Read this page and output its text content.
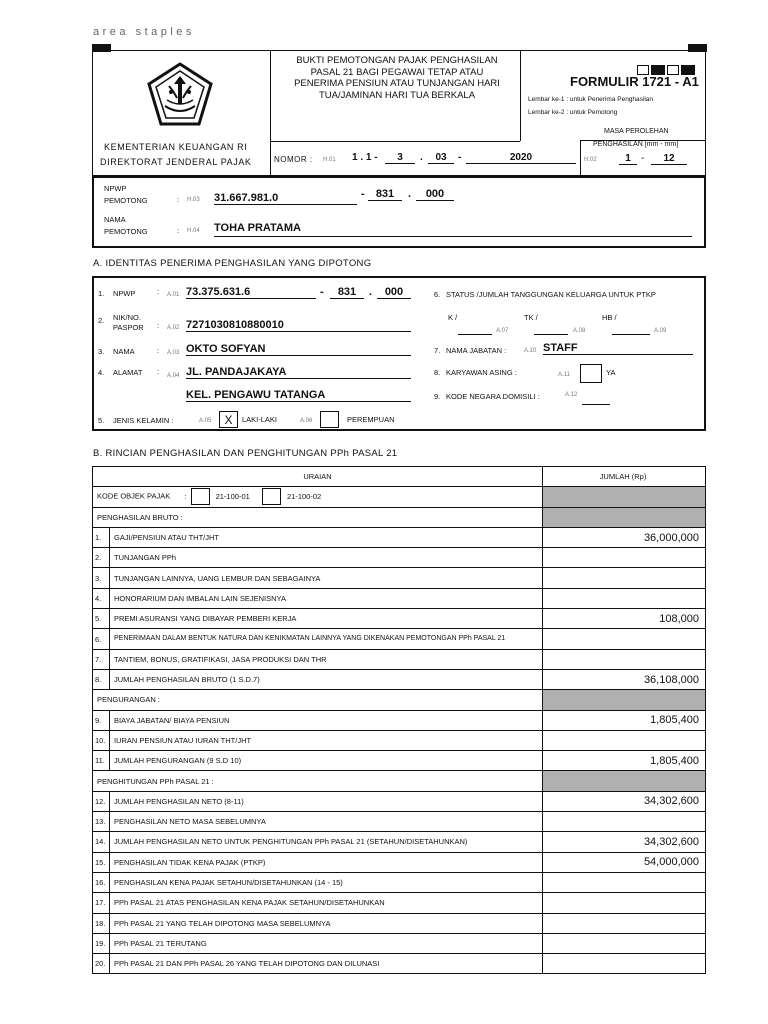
area staples
KEMENTERIAN KEUANGAN RI
DIREKTORAT JENDERAL PAJAK
BUKTI PEMOTONGAN PAJAK PENGHASILAN
PASAL 21 BAGI PEGAWAI TETAP ATAU
PENERIMA PENSIUN ATAU TUNJANGAN HARI
TUA/JAMINAN HARI TUA BERKALA
FORMULIR 1721 - A1
Lembar ke-1 : untuk Penerima Penghasilan
Lembar ke-2 : untuk Pemotong
MASA PEROLEHAN
PENGHASILAN [mm - mm]
H.02	1	-	12
NOMOR : H.01 1 . 1 -	3	.	03	-	2020
NPWP
PEMOTONG	: H.03 31.667.981.0	-	831	.	000
NAMA
PEMOTONG	: H.04 TOHA PRATAMA
A. IDENTITAS PENERIMA PENGHASILAN YANG DIPOTONG
1. NPWP	: A.01 73.375.631.6	-	831	.	000
2. NIK/NO.
PASPOR : A.02 7271030810880010
3. NAMA	: A.03 OKTO SOFYAN
4. ALAMAT : A.04 JL. PANDAJAKAYA
KEL. PENGAWU TATANGA
5. JENIS KELAMIN :	A.05	X	LAKI-LAKI	A.06	PEREMPUAN
6. STATUS /JUMLAH TANGGUNGAN KELUARGA UNTUK PTKP
K /
A.07
TK /
A.08
HB /
A.09
7. NAMA JABATAN :	A.10 STAFF
8. KARYAWAN ASING :	A.11	YA
9. KODE NEGARA DOMISILI :	A.12
B. RINCIAN PENGHASILAN DAN PENGHITUNGAN PPh PASAL 21
URAIAN		JUMLAH (Rp)
KODE OBJEK PAJAK : 21-100-01 21-100-02		
PENGHASILAN BRUTO :		
1.	GAJI/PENSIUN ATAU THT/JHT	36,000,000
2.	TUNJANGAN PPh	
3.	TUNJANGAN LAINNYA, UANG LEMBUR DAN SEBAGAINYA	
4.	HONORARIUM DAN IMBALAN LAIN SEJENISNYA	
5.	PREMI ASURANSI YANG DIBAYAR PEMBERI KERJA	108,000
6.	PENERIMAAN DALAM BENTUK NATURA DAN KENIKMATAN LAINNYA YANG DIKENAKAN PEMOTONGAN PPh PASAL 21	
7.	TANTIEM, BONUS, GRATIFIKASI, JASA PRODUKSI DAN THR	
8.	JUMLAH PENGHASILAN BRUTO (1 S.D.7)	36,108,000
PENGURANGAN :		
9.	BIAYA JABATAN/ BIAYA PENSIUN	1,805,400
10.	IURAN PENSIUN ATAU IURAN THT/JHT	
11.	JUMLAH PENGURANGAN (9 S.D 10)	1,805,400
PENGHITUNGAN PPh PASAL 21 :		
12.	JUMLAH PENGHASILAN NETO (8-11)	34,302,600
13.	PENGHASILAN NETO MASA SEBELUMNYA	
14.	JUMLAH PENGHASILAN NETO UNTUK PENGHITUNGAN PPh PASAL 21 (SETAHUN/DISETAHUNKAN)	34,302,600
15.	PENGHASILAN TIDAK KENA PAJAK (PTKP)	54,000,000
16.	PENGHASILAN KENA PAJAK SETAHUN/DISETAHUNKAN (14 - 15)	
17.	PPh PASAL 21 ATAS PENGHASILAN KENA PAJAK SETAHUN/DISETAHUNKAN	
18.	PPh PASAL 21 YANG TELAH DIPOTONG MASA SEBELUMNYA	
19.	PPh PASAL 21 TERUTANG	
20.	PPh PASAL 21 DAN PPh PASAL 26 YANG TELAH DIPOTONG DAN DILUNASI	
